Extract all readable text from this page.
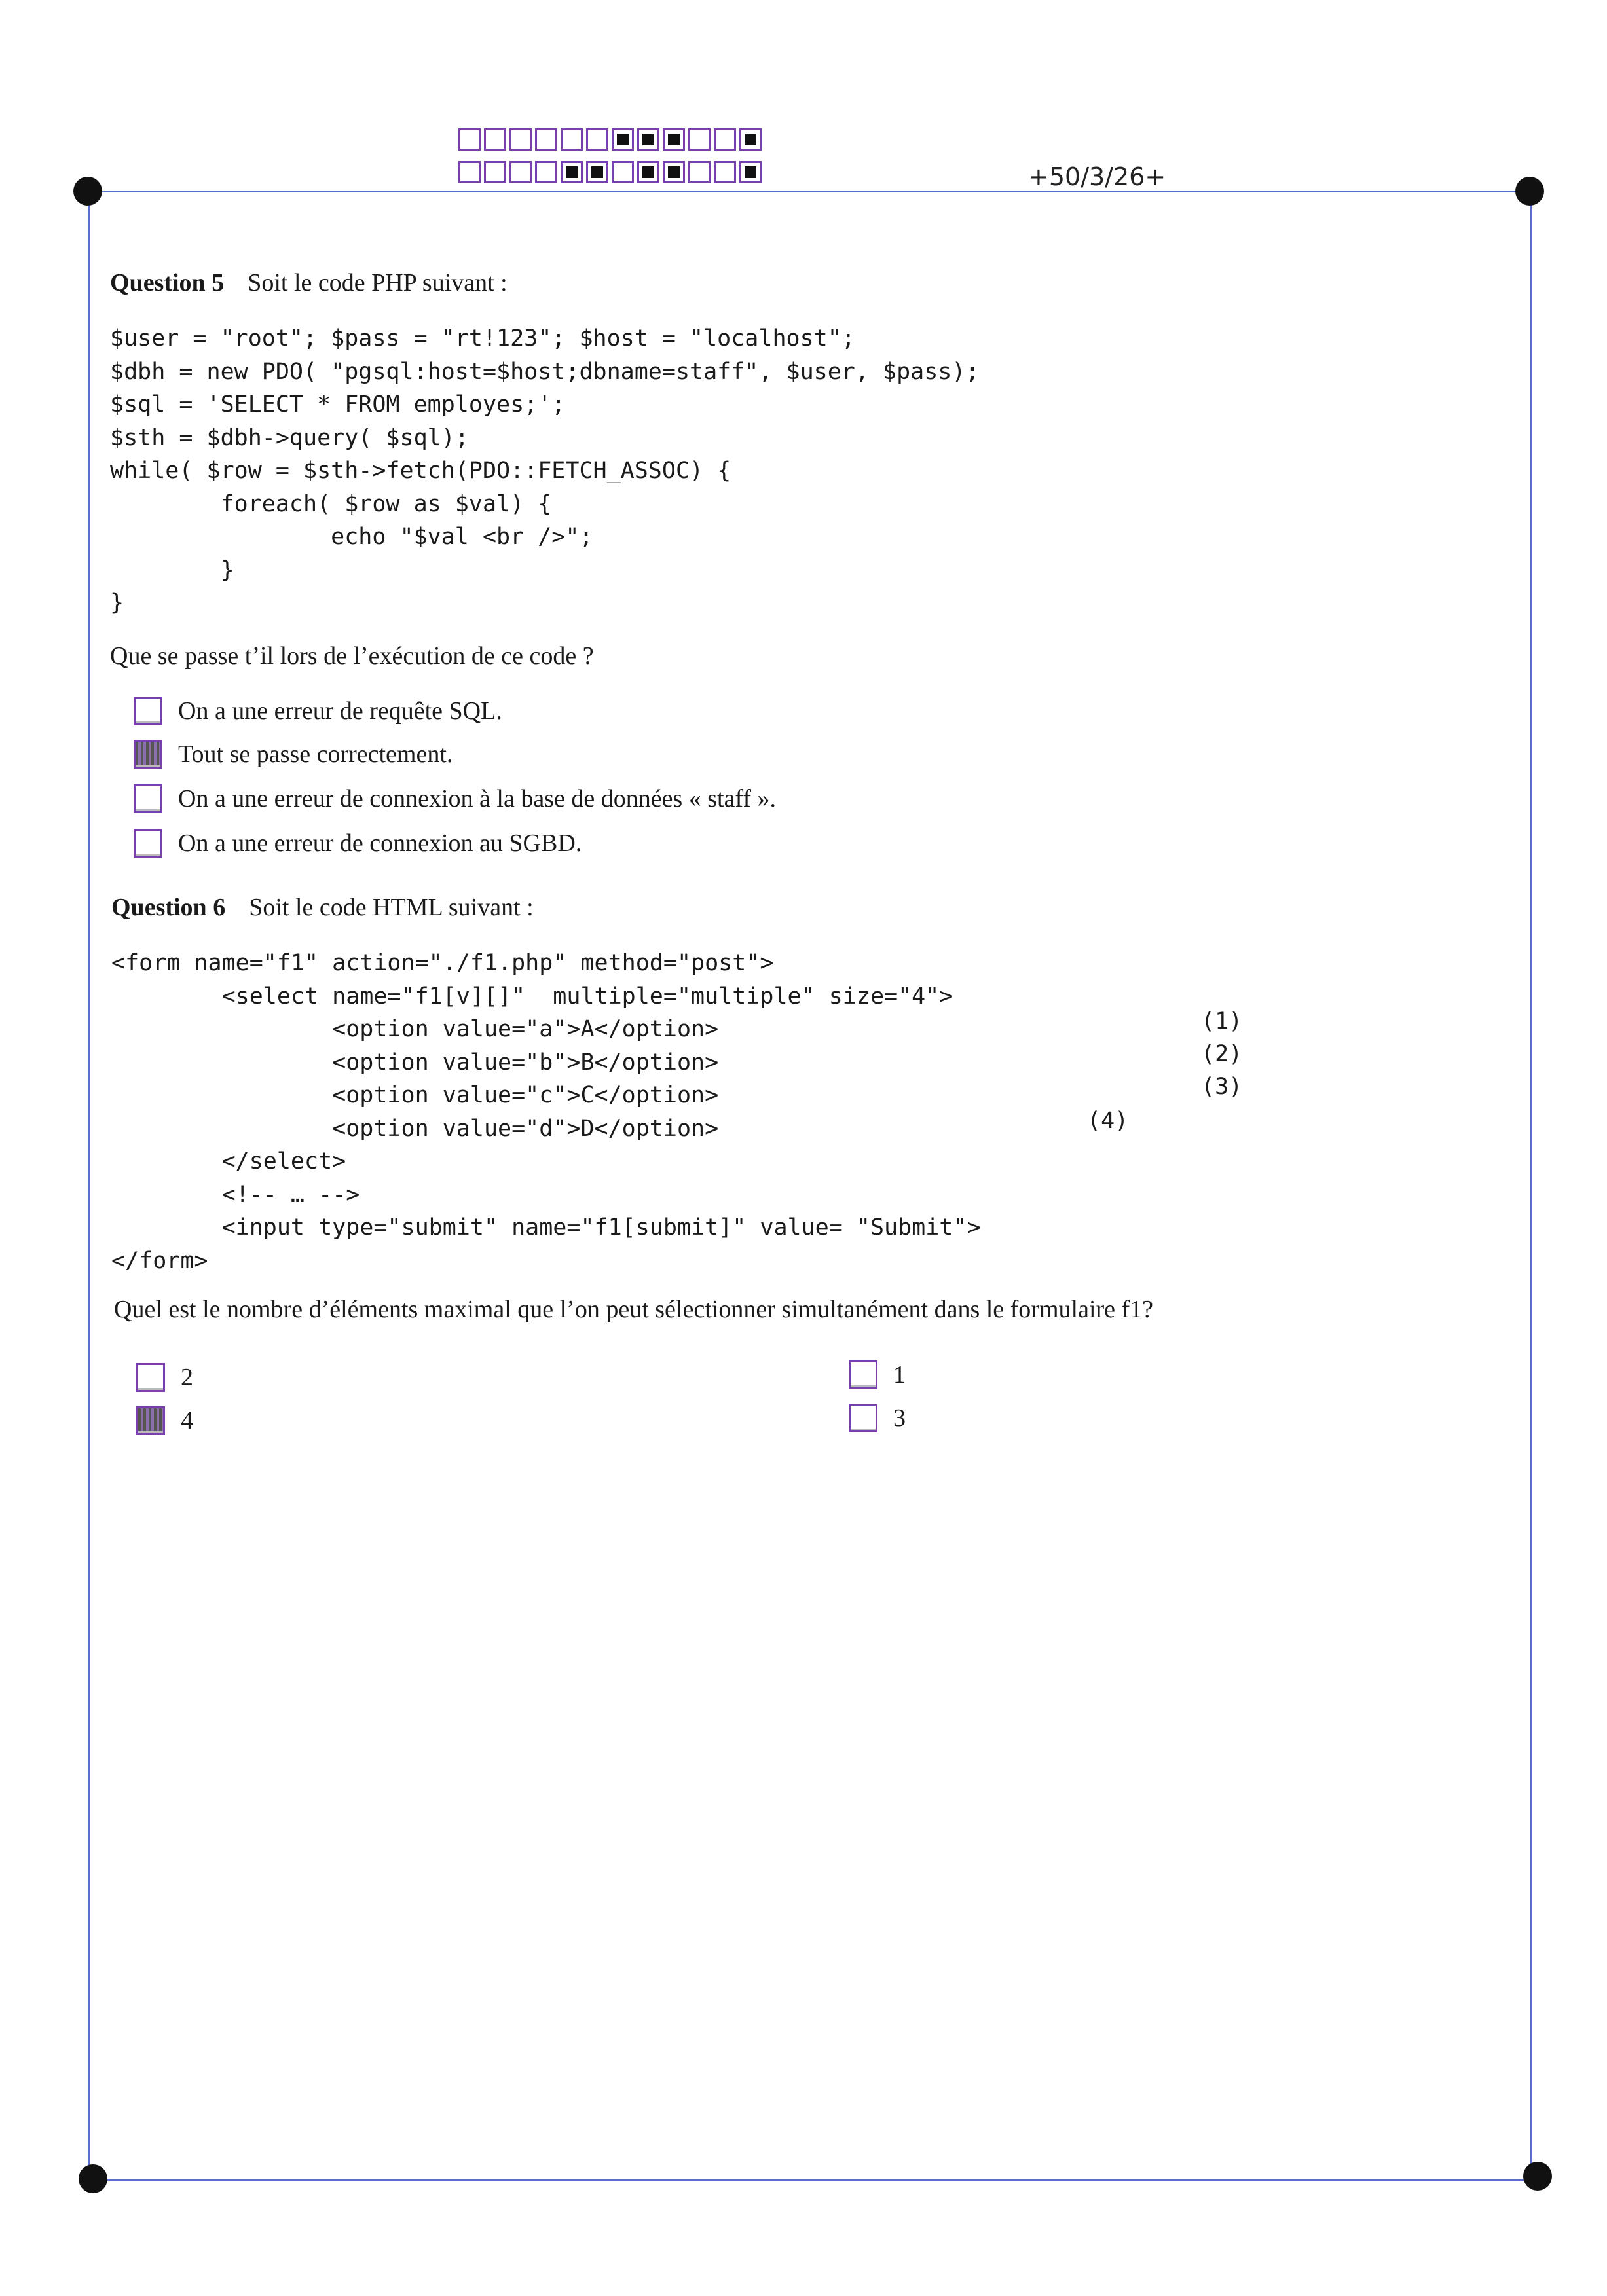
+50/3/26+
Question 5 Soit le code PHP suivant :
$user = "root"; $pass = "rt!123"; $host = "localhost";
$dbh = new PDO( "pgsql:host=$host;dbname=staff", $user, $pass);
$sql = 'SELECT * FROM employes;';
$sth = $dbh->query( $sql);
while( $row = $sth->fetch(PDO::FETCH_ASSOC) {
foreach( $row as $val) {
echo "$val <br />";
}
}
Que se passe t’il lors de l’exécution de ce code ?
On a une erreur de requête SQL.
Tout se passe correctement.
On a une erreur de connexion à la base de données « staff ».
On a une erreur de connexion au SGBD.
Question 6 Soit le code HTML suivant :
<form name="f1" action="./f1.php" method="post">
<select name="f1[v][]"  multiple="multiple" size="4">
<option value="a">A</option>
<option value="b">B</option>
<option value="c">C</option>
<option value="d">D</option>
</select>
<!-- … -->
<input type="submit" name="f1[submit]" value= "Submit">
</form>
(1)
(2)
(3)
(4)
Quel est le nombre d’éléments maximal que l’on peut sélectionner simultanément dans le formulaire f1?
2	1
4	3
